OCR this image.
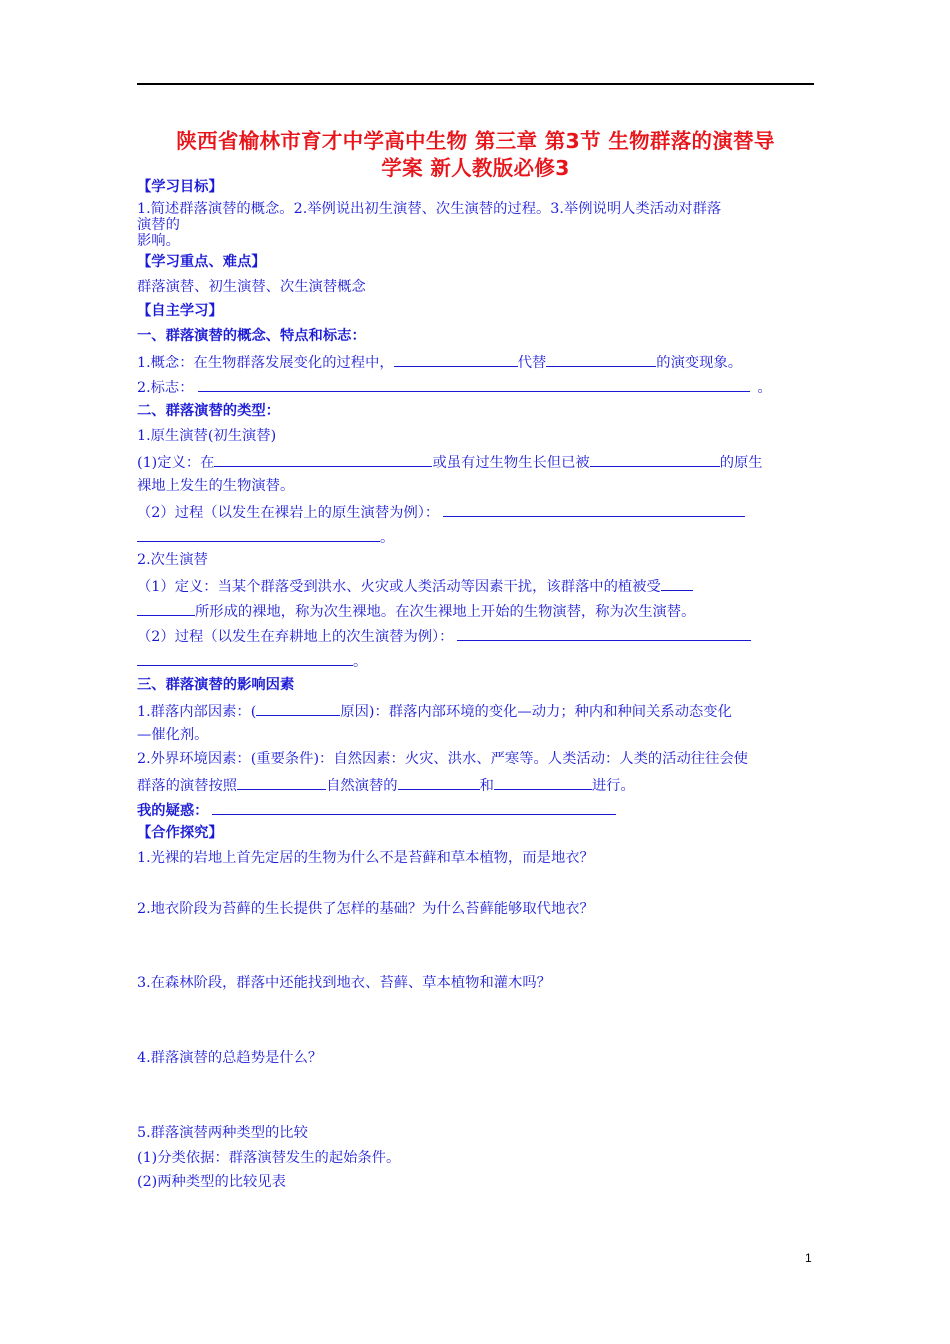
陕西省榆林市育才中学高中生物 第三章 第3节 生物群落的演替导
学案 新人教版必修3
【学习目标】
1.简述群落演替的概念。2.举例说出初生演替、次生演替的过程。3.举例说明人类活动对群落
演替的
影响。
【学习重点、难点】
群落演替、初生演替、次生演替概念
【自主学习】
一、群落演替的概念、特点和标志：
1.概念：在生物群落发展变化的过程中，	代替	的演变现象。
2.标志：	。
二、群落演替的类型：
1.原生演替(初生演替)
(1)定义：在	或虽有过生物生长但已被	的原生
裸地上发生的生物演替。
（2）过程（以发生在裸岩上的原生演替为例）：
。
2.次生演替
（1）定义：当某个群落受到洪水、火灾或人类活动等因素干扰，该群落中的植被受
所形成的裸地，称为次生裸地。在次生裸地上开始的生物演替，称为次生演替。
（2）过程（以发生在弃耕地上的次生演替为例）：
。
三、群落演替的影响因素
1.群落内部因素：(	原因)：群落内部环境的变化—动力；种内和种间关系动态变化
—催化剂。
2.外界环境因素：(重要条件)：自然因素：火灾、洪水、严寒等。人类活动：人类的活动往往会使
群落的演替按照	自然演替的	和	进行。
我的疑惑：
【合作探究】
1.光裸的岩地上首先定居的生物为什么不是苔藓和草本植物，而是地衣？
2.地衣阶段为苔藓的生长提供了怎样的基础？为什么苔藓能够取代地衣？
3.在森林阶段，群落中还能找到地衣、苔藓、草本植物和灌木吗？
4.群落演替的总趋势是什么？
5.群落演替两种类型的比较
(1)分类依据：群落演替发生的起始条件。
(2)两种类型的比较见表
1
